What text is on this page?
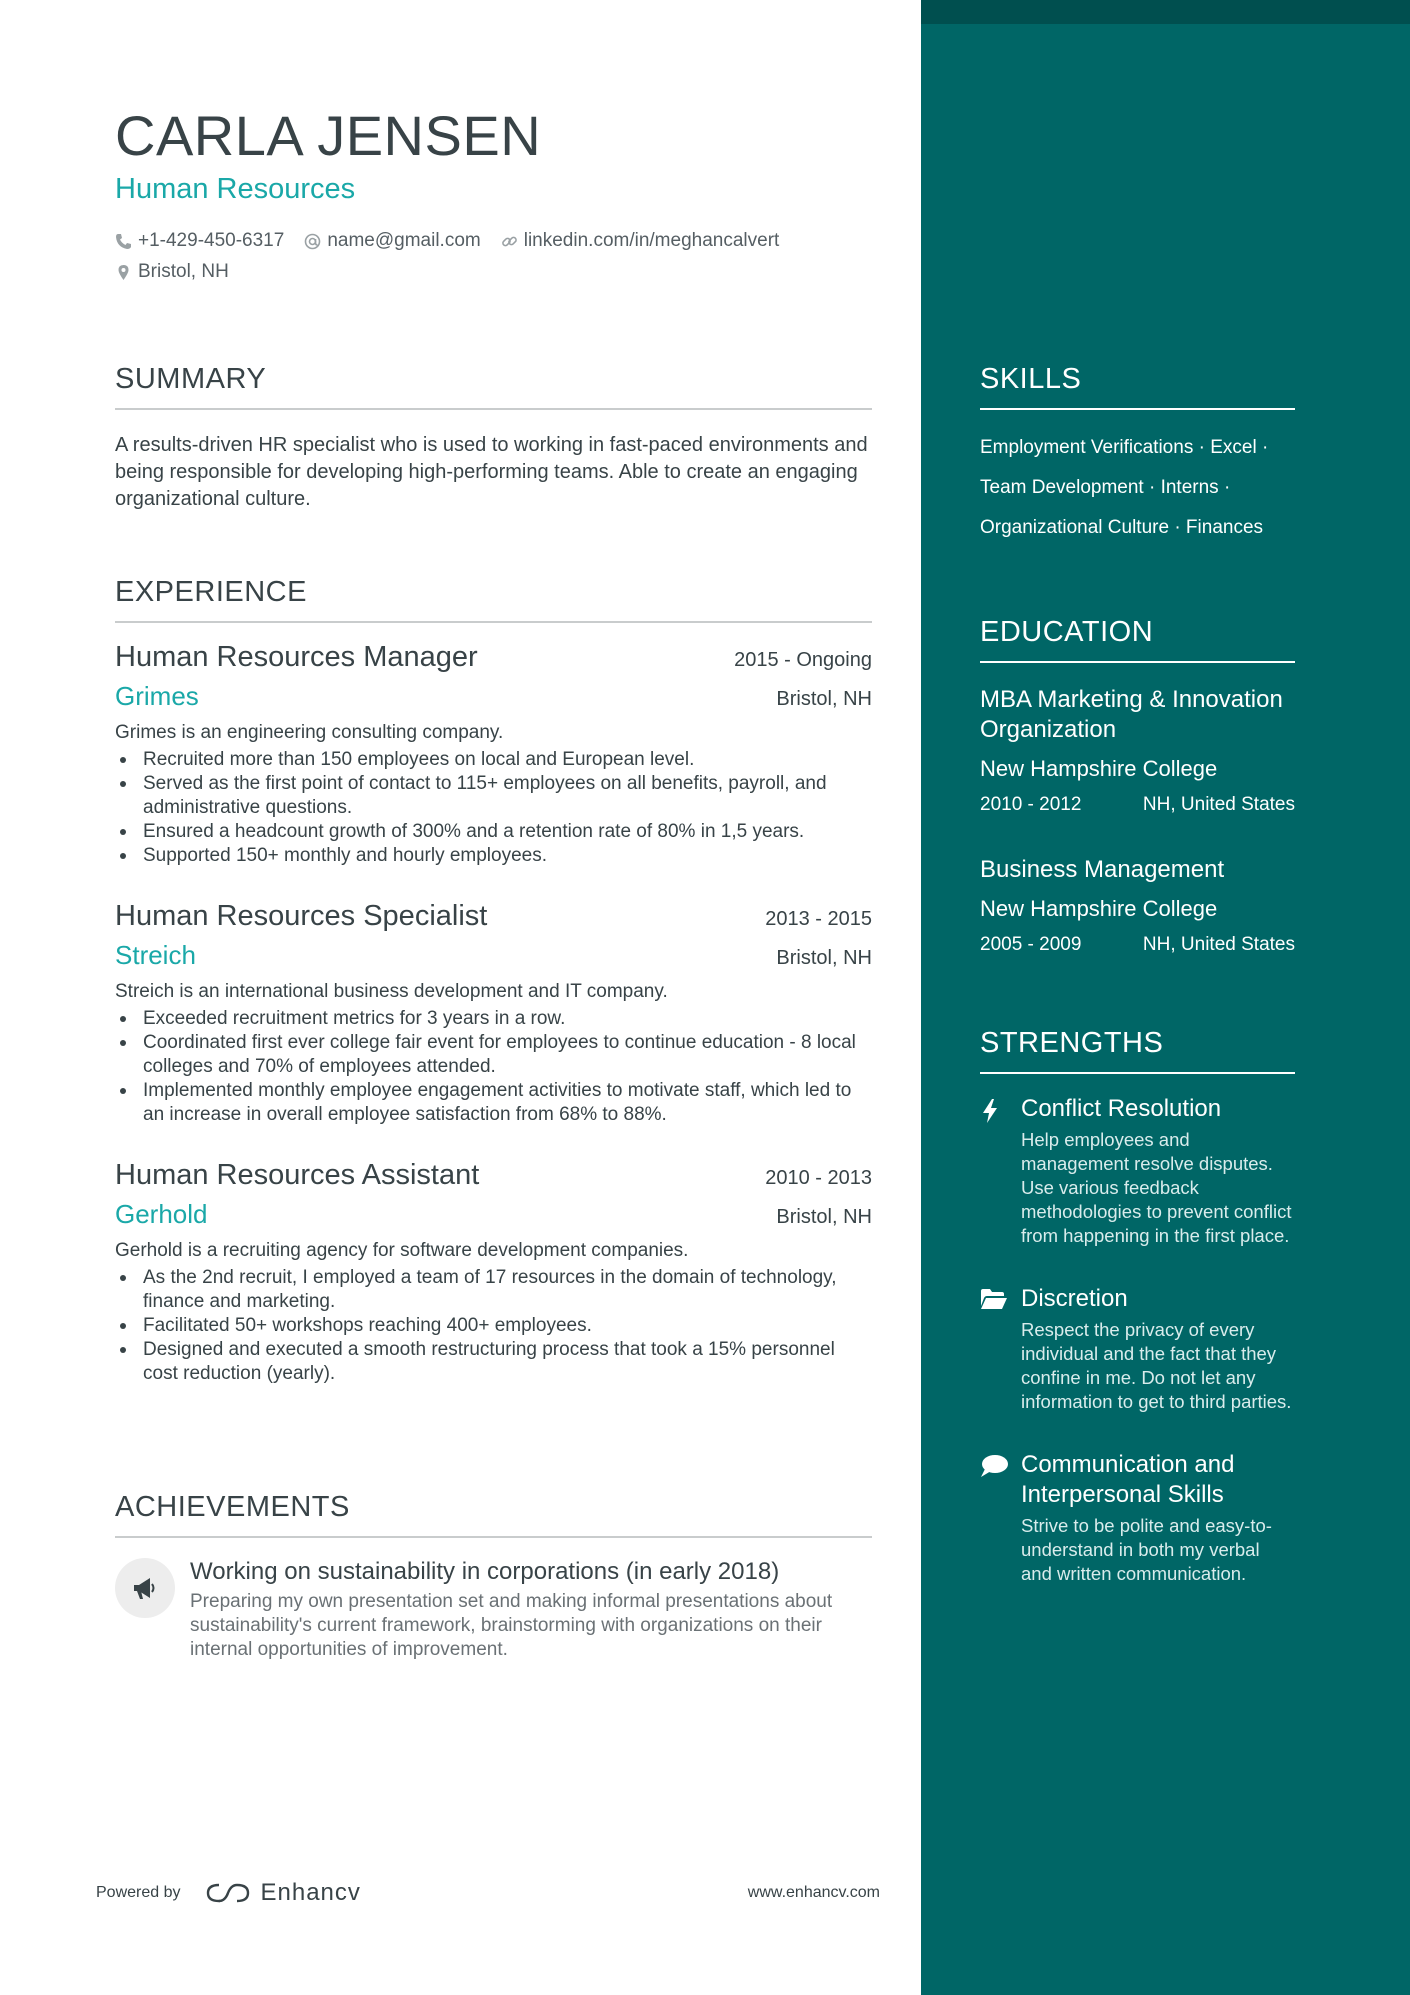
SKILLS
Employment Verifications · Excel ·
Team Development · Interns ·
Organizational Culture · Finances
EDUCATION
MBA Marketing & Innovation Organization
New Hampshire College
2010 - 2012	NH, United States
Business Management
New Hampshire College
2005 - 2009	NH, United States
STRENGTHS
Conflict Resolution
Help employees and management resolve disputes. Use various feedback methodologies to prevent conflict from happening in the first place.
Discretion
Respect the privacy of every individual and the fact that they confine in me. Do not let any information to get to third parties.
Communication and Interpersonal Skills
Strive to be polite and easy-to-understand in both my verbal and written communication.
CARLA JENSEN
Human Resources
+1-429-450-6317 name@gmail.com linkedin.com/in/meghancalvert
Bristol, NH
SUMMARY
A results-driven HR specialist who is used to working in fast-paced environments and being responsible for developing high-performing teams. Able to create an engaging organizational culture.
EXPERIENCE
Human Resources Manager	2015 - Ongoing
Grimes	Bristol, NH
Grimes is an engineering consulting company.
Recruited more than 150 employees on local and European level.
Served as the first point of contact to 115+ employees on all benefits, payroll, and administrative questions.
Ensured a headcount growth of 300% and a retention rate of 80% in 1,5 years.
Supported 150+ monthly and hourly employees.
Human Resources Specialist	2013 - 2015
Streich	Bristol, NH
Streich is an international business development and IT company.
Exceeded recruitment metrics for 3 years in a row.
Coordinated first ever college fair event for employees to continue education - 8 local colleges and 70% of employees attended.
Implemented monthly employee engagement activities to motivate staff, which led to an increase in overall employee satisfaction from 68% to 88%.
Human Resources Assistant	2010 - 2013
Gerhold	Bristol, NH
Gerhold is a recruiting agency for software development companies.
As the 2nd recruit, I employed a team of 17 resources in the domain of technology, finance and marketing.
Facilitated 50+ workshops reaching 400+ employees.
Designed and executed a smooth restructuring process that took a 15% personnel cost reduction (yearly).
ACHIEVEMENTS
Working on sustainability in corporations (in early 2018)
Preparing my own presentation set and making informal presentations about sustainability's current framework, brainstorming with organizations on their internal opportunities of improvement.
Powered by	Enhancv	www.enhancv.com
